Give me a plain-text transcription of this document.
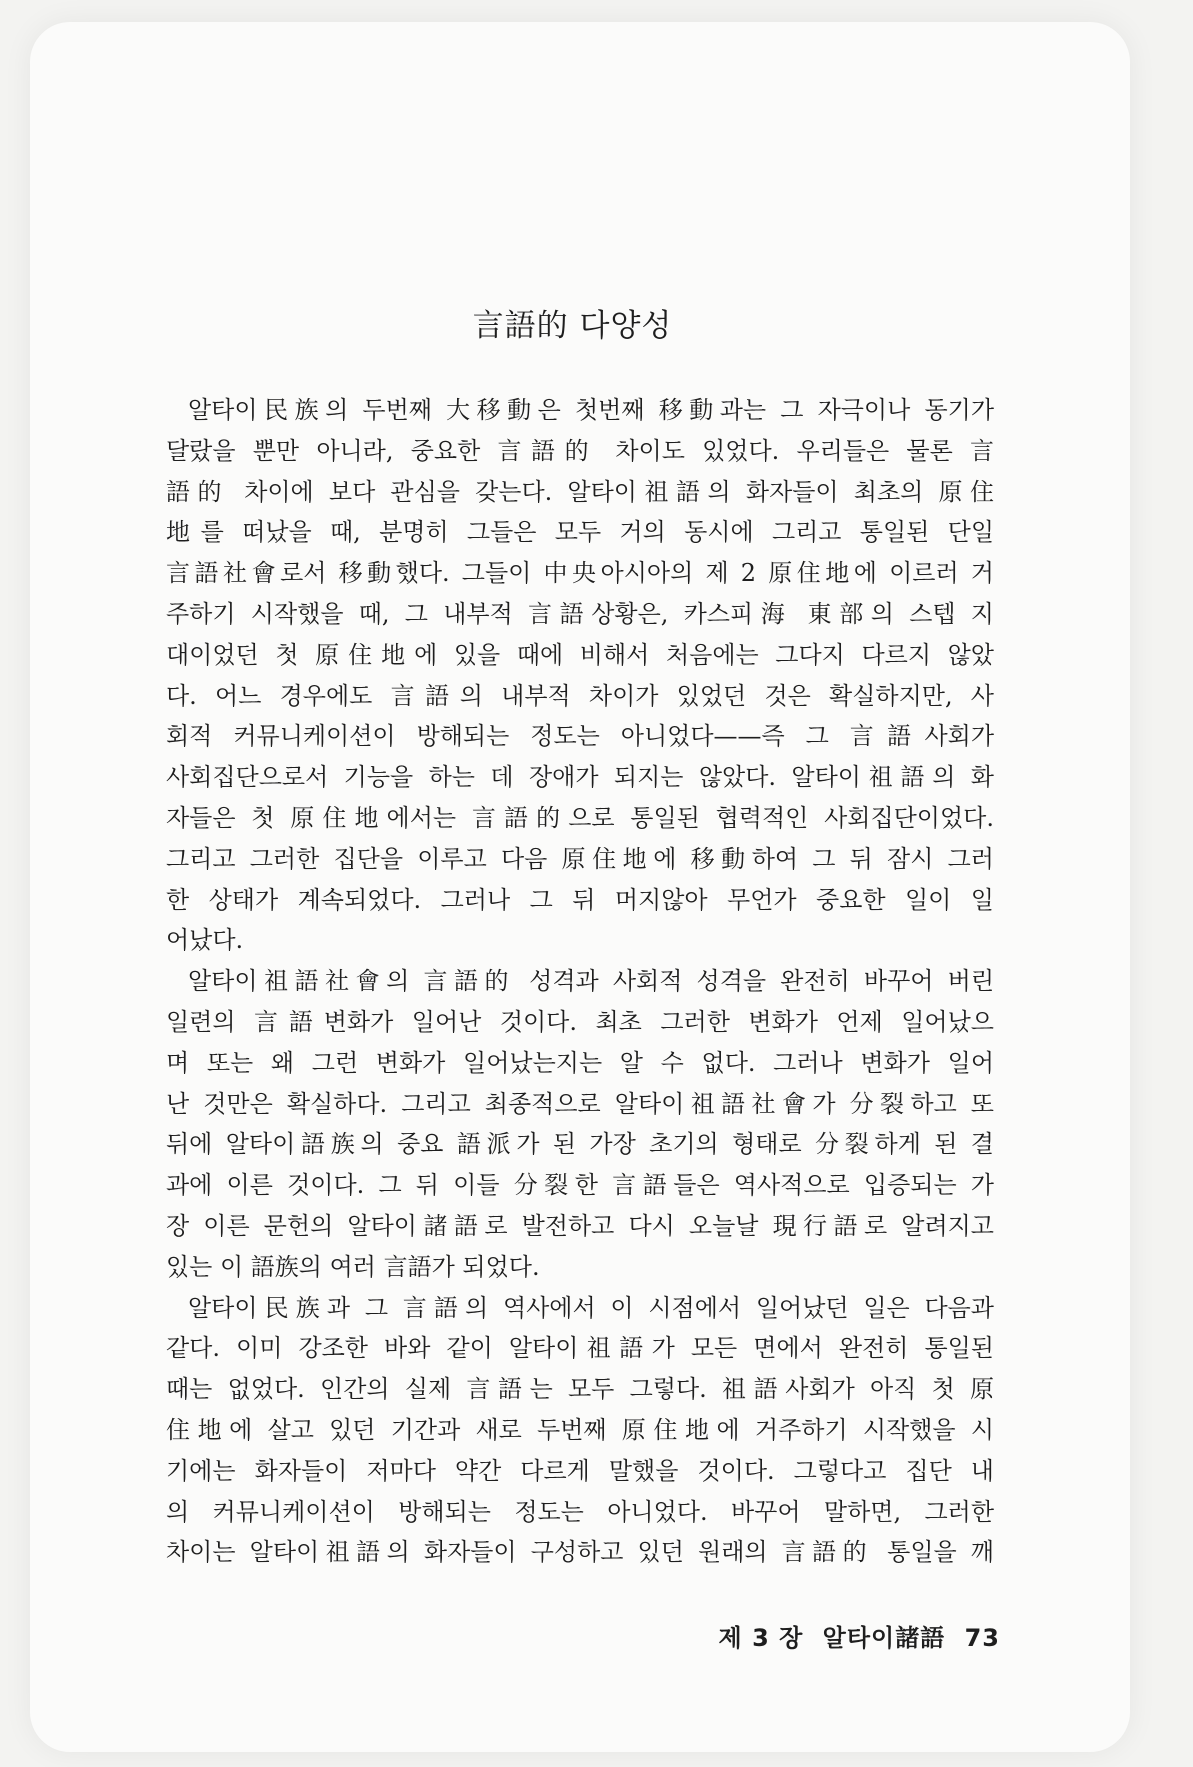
言語的 다양성
알타이民族의 두번째 大移動은 첫번째 移動과는 그 자극이나 동기가
달랐을 뿐만 아니라, 중요한 言語的 차이도 있었다. 우리들은 물론 言
語的 차이에 보다 관심을 갖는다. 알타이祖語의 화자들이 최초의 原住
地를 떠났을 때, 분명히 그들은 모두 거의 동시에 그리고 통일된 단일
言語社會로서 移動했다. 그들이 中央아시아의 제 2 原住地에 이르러 거
주하기 시작했을 때, 그 내부적 言語상황은, 카스피海 東部의 스텝 지
대이었던 첫 原住地에 있을 때에 비해서 처음에는 그다지 다르지 않았
다. 어느 경우에도 言語의 내부적 차이가 있었던 것은 확실하지만, 사
회적 커뮤니케이션이 방해되는 정도는 아니었다——즉 그 言語사회가
사회집단으로서 기능을 하는 데 장애가 되지는 않았다. 알타이祖語의 화
자들은 첫 原住地에서는 言語的으로 통일된 협력적인 사회집단이었다.
그리고 그러한 집단을 이루고 다음 原住地에 移動하여 그 뒤 잠시 그러
한 상태가 계속되었다. 그러나 그 뒤 머지않아 무언가 중요한 일이 일
어났다.
알타이祖語社會의 言語的 성격과 사회적 성격을 완전히 바꾸어 버린
일련의 言語변화가 일어난 것이다. 최초 그러한 변화가 언제 일어났으
며 또는 왜 그런 변화가 일어났는지는 알 수 없다. 그러나 변화가 일어
난 것만은 확실하다. 그리고 최종적으로 알타이祖語社會가 分裂하고 또
뒤에 알타이語族의 중요 語派가 된 가장 초기의 형태로 分裂하게 된 결
과에 이른 것이다. 그 뒤 이들 分裂한 言語들은 역사적으로 입증되는 가
장 이른 문헌의 알타이諸語로 발전하고 다시 오늘날 現行語로 알려지고
있는 이 語族의 여러 言語가 되었다.
알타이民族과 그 言語의 역사에서 이 시점에서 일어났던 일은 다음과
같다. 이미 강조한 바와 같이 알타이祖語가 모든 면에서 완전히 통일된
때는 없었다. 인간의 실제 言語는 모두 그렇다. 祖語사회가 아직 첫 原
住地에 살고 있던 기간과 새로 두번째 原住地에 거주하기 시작했을 시
기에는 화자들이 저마다 약간 다르게 말했을 것이다. 그렇다고 집단 내
의 커뮤니케이션이 방해되는 정도는 아니었다. 바꾸어 말하면, 그러한
차이는 알타이祖語의 화자들이 구성하고 있던 원래의 言語的 통일을 깨
제 3 장 알타이諸語 73
